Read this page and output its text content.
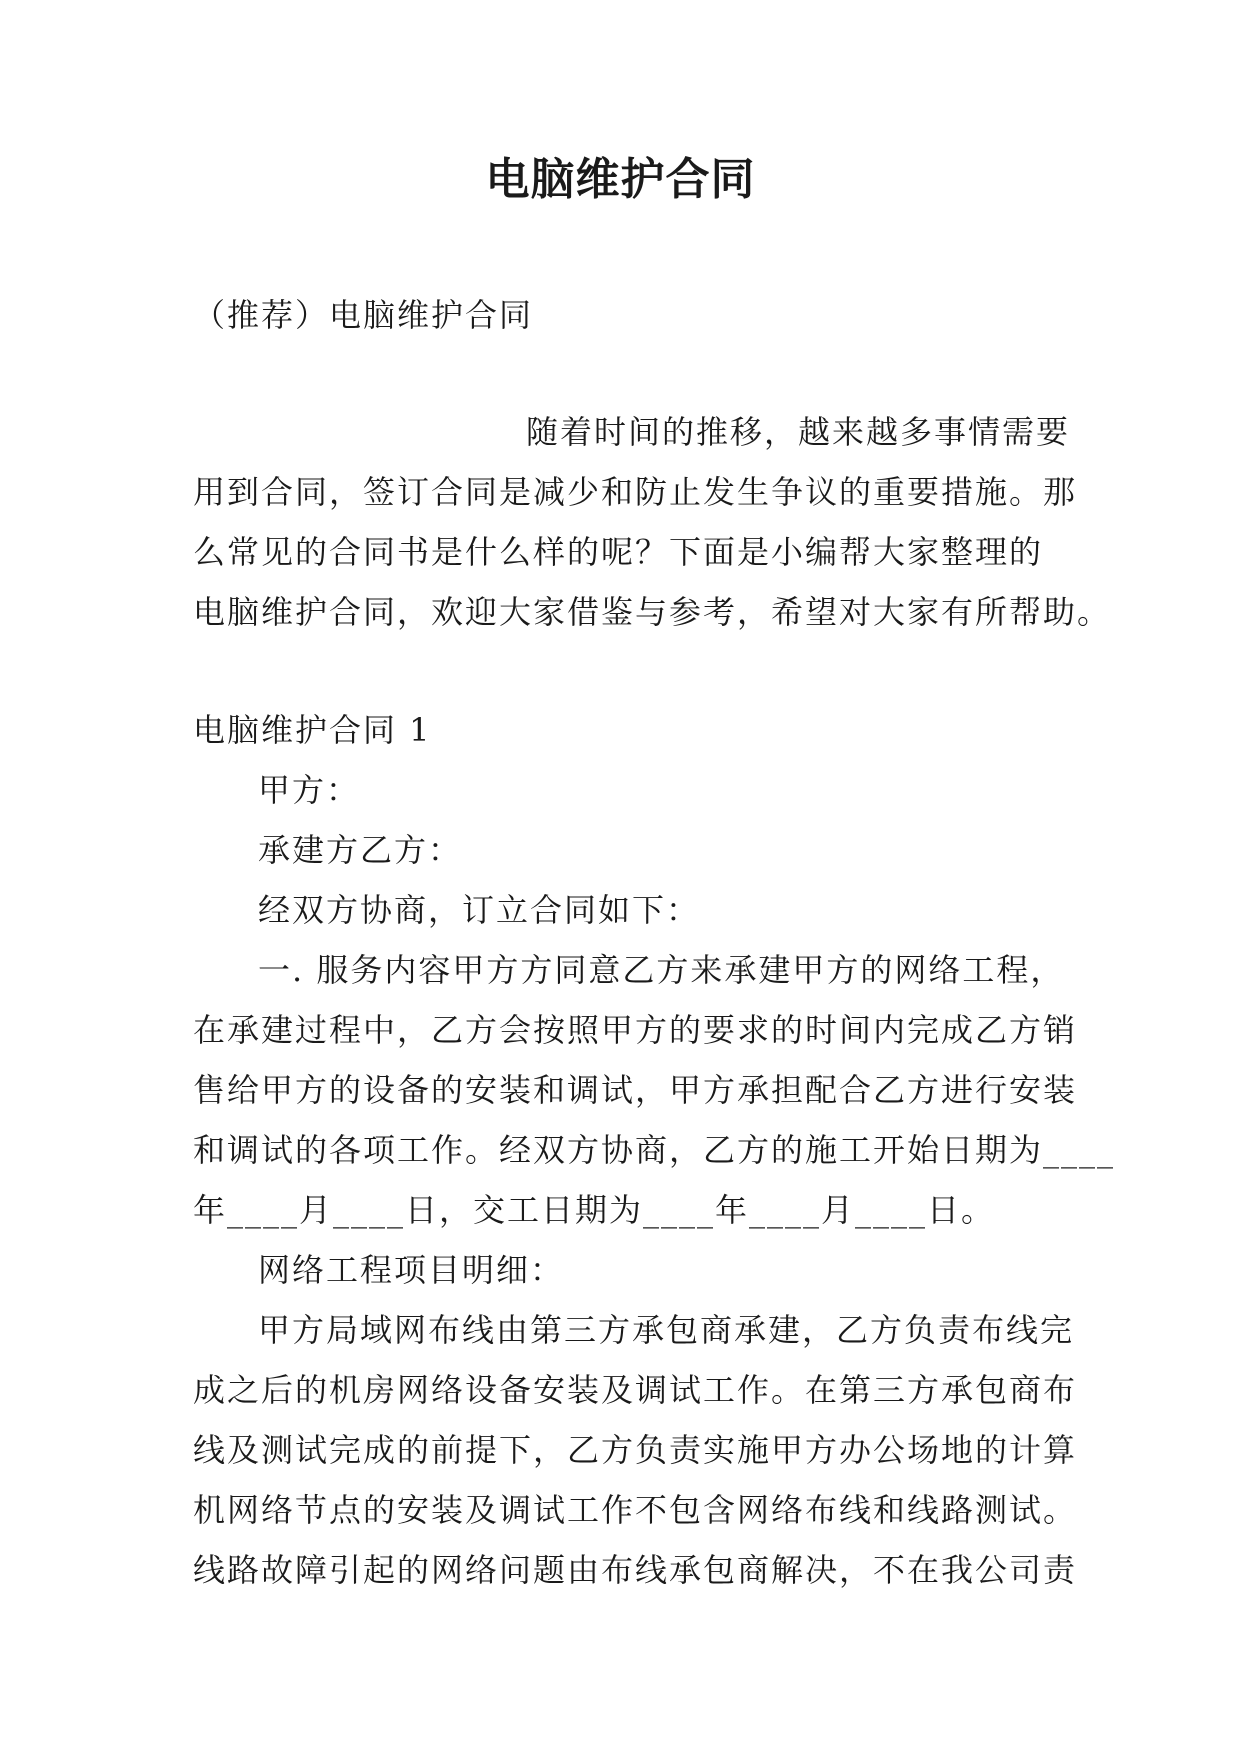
电脑维护合同
（推荐）电脑维护合同
随着时间的推移，越来越多事情需要
用到合同，签订合同是减少和防止发生争议的重要措施。那
么常见的合同书是什么样的呢？下面是小编帮大家整理的
电脑维护合同，欢迎大家借鉴与参考，希望对大家有所帮助。
电脑维护合同 1
甲方：
承建方乙方：
经双方协商，订立合同如下：
一. 服务内容甲方方同意乙方来承建甲方的网络工程，
在承建过程中，乙方会按照甲方的要求的时间内完成乙方销
售给甲方的设备的安装和调试，甲方承担配合乙方进行安装
和调试的各项工作。经双方协商，乙方的施工开始日期为____
年____月____日，交工日期为____年____月____日。
网络工程项目明细：
甲方局域网布线由第三方承包商承建，乙方负责布线完
成之后的机房网络设备安装及调试工作。在第三方承包商布
线及测试完成的前提下，乙方负责实施甲方办公场地的计算
机网络节点的安装及调试工作不包含网络布线和线路测试。
线路故障引起的网络问题由布线承包商解决，不在我公司责
